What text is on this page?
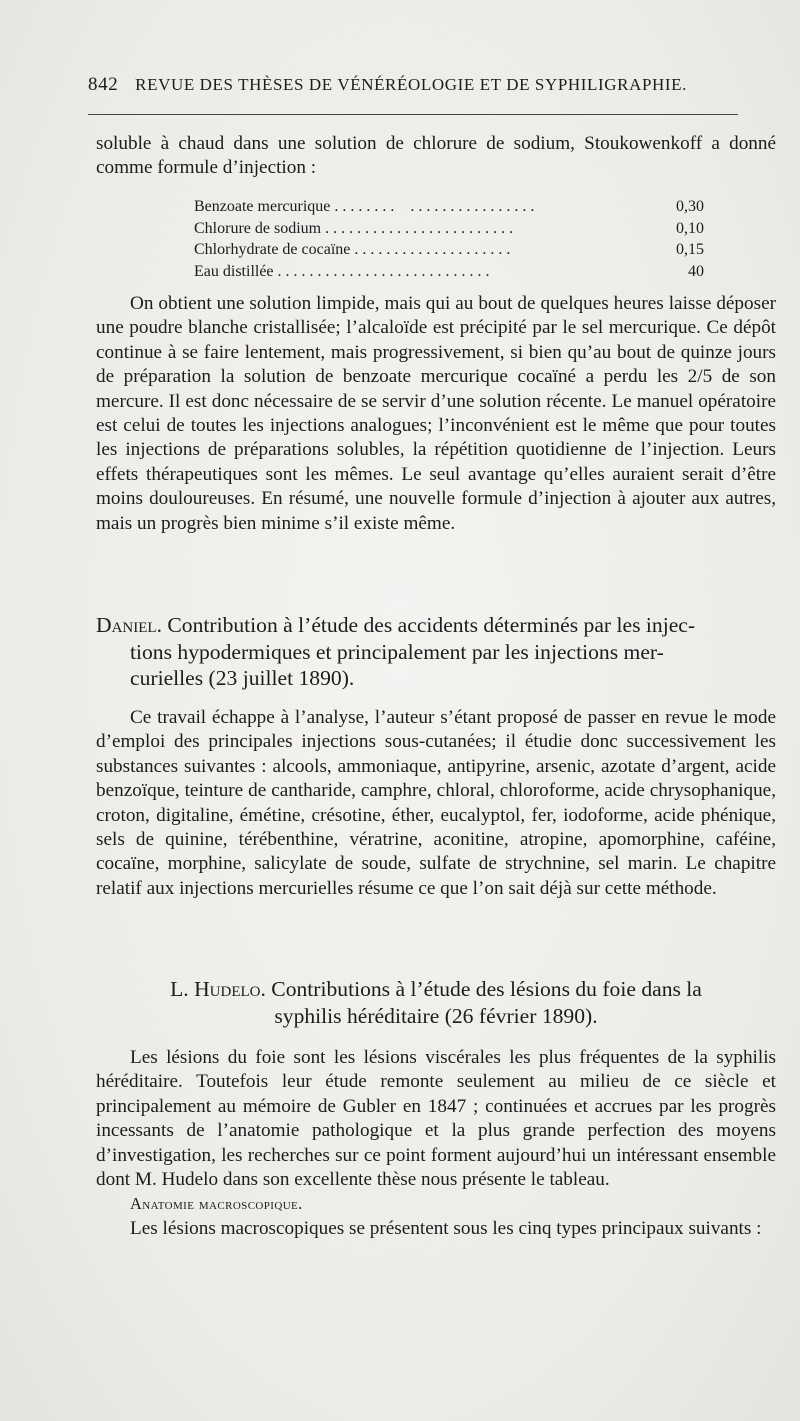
842 REVUE DES THÈSES DE VÉNÉRÉOLOGIE ET DE SYPHILIGRAPHIE.

soluble à chaud dans une solution de chlorure de sodium, Stoukowenkoff a donné comme formule d’injection :

Benzoate mercurique . . . . . . . .    . . . . . . . . . . . . . . . .	0,30
Chlorure de sodium . . . . . . . . . . . . . . . . . . . . . . . .	0,10
Chlorhydrate de cocaïne . . . . . . . . . . . . . . . . . . . .	0,15
Eau distillée . . . . . . . . . . . . . . . . . . . . . . . . . . .	40

On obtient une solution limpide, mais qui au bout de quelques heures laisse déposer une poudre blanche cristallisée; l’alcaloïde est précipité par le sel mercurique. Ce dépôt continue à se faire lentement, mais progressivement, si bien qu’au bout de quinze jours de préparation la solution de benzoate mercurique cocaïné a perdu les 2/5 de son mercure. Il est donc nécessaire de se servir d’une solution récente. Le manuel opératoire est celui de toutes les injections analogues; l’inconvénient est le même que pour toutes les injections de préparations solubles, la répétition quotidienne de l’injection. Leurs effets thérapeutiques sont les mêmes. Le seul avantage qu’elles auraient serait d’être moins douloureuses. En résumé, une nouvelle formule d’injection à ajouter aux autres, mais un progrès bien minime s’il existe même.

Daniel. Contribution à l’étude des accidents déterminés par les injec-
tions hypodermiques et principalement par les injections mer-
curielles (23 juillet 1890).

Ce travail échappe à l’analyse, l’auteur s’étant proposé de passer en revue le mode d’emploi des principales injections sous-cutanées; il étudie donc successivement les substances suivantes : alcools, ammoniaque, antipyrine, arsenic, azotate d’argent, acide benzoïque, teinture de cantharide, camphre, chloral, chloroforme, acide chrysophanique, croton, digitaline, émétine, crésotine, éther, eucalyptol, fer, iodoforme, acide phénique, sels de quinine, térébenthine, vératrine, aconitine, atropine, apomorphine, caféine, cocaïne, morphine, salicylate de soude, sulfate de strychnine, sel marin. Le chapitre relatif aux injections mercurielles résume ce que l’on sait déjà sur cette méthode.

L. Hudelo. Contributions à l’étude des lésions du foie dans la
syphilis héréditaire (26 février 1890).

Les lésions du foie sont les lésions viscérales les plus fréquentes de la syphilis héréditaire. Toutefois leur étude remonte seulement au milieu de ce siècle et principalement au mémoire de Gubler en 1847 ; continuées et accrues par les progrès incessants de l’anatomie pathologique et la plus grande perfection des moyens d’investigation, les recherches sur ce point forment aujourd’hui un intéressant ensemble dont M. Hudelo dans son excellente thèse nous présente le tableau.

Anatomie macroscopique.

Les lésions macroscopiques se présentent sous les cinq types principaux suivants :
